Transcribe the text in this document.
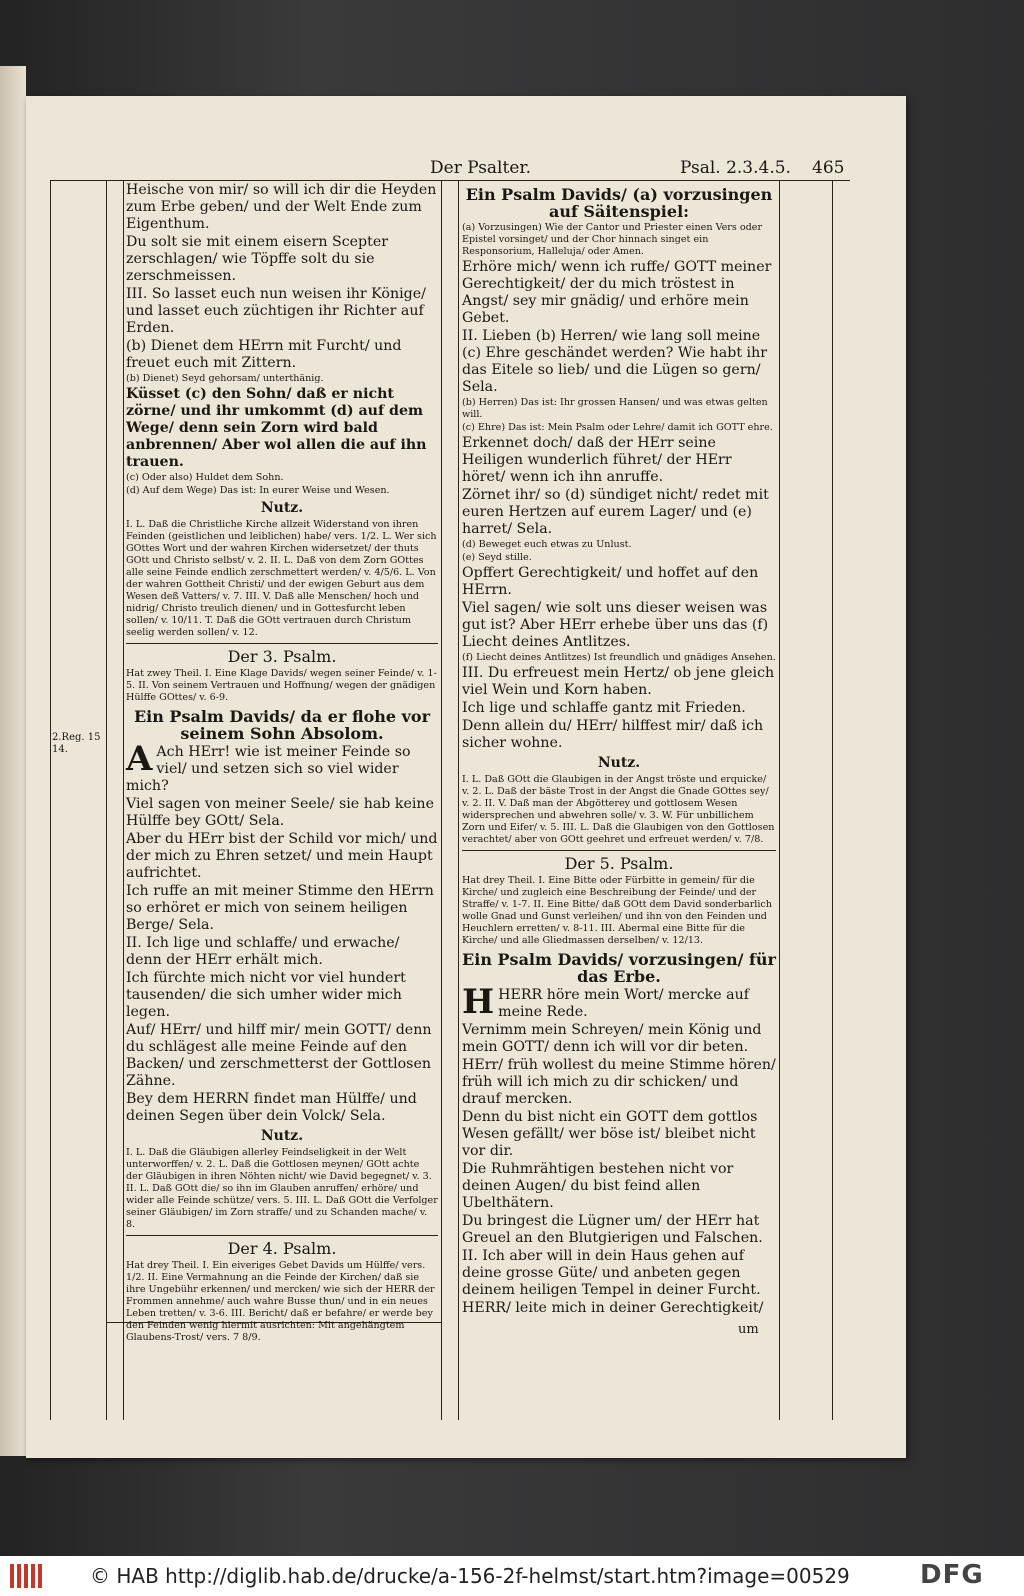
Der Psalter.	Psal. 2.3.4.5. 465
2.Reg. 15 14.

Heische von mir/ so will ich dir die Heyden zum Erbe geben/ und der Welt Ende zum Eigenthum.

Du solt sie mit einem eisern Scepter zerschlagen/ wie Töpffe solt du sie zerschmeissen.

III. So lasset euch nun weisen ihr Könige/ und lasset euch züchtigen ihr Richter auf Erden.

(b) Dienet dem HErrn mit Furcht/ und freuet euch mit Zittern.

(b) Dienet) Seyd gehorsam/ unterthänig.

Küsset (c) den Sohn/ daß er nicht zörne/ und ihr umkommt (d) auf dem Wege/ denn sein Zorn wird bald anbrennen/ Aber wol allen die auf ihn trauen.

(c) Oder also) Huldet dem Sohn.

(d) Auf dem Wege) Das ist: In eurer Weise und Wesen.

Nutz.

I. L. Daß die Christliche Kirche allzeit Widerstand von ihren Feinden (geistlichen und leiblichen) habe/ vers. 1/2. L. Wer sich GOttes Wort und der wahren Kirchen widersetzet/ der thuts GOtt und Christo selbst/ v. 2. II. L. Daß von dem Zorn GOttes alle seine Feinde endlich zerschmettert werden/ v. 4/5/6. L. Von der wahren Gottheit Christi/ und der ewigen Geburt aus dem Wesen deß Vatters/ v. 7. III. V. Daß alle Menschen/ hoch und nidrig/ Christo treulich dienen/ und in Gottesfurcht leben sollen/ v. 10/11. T. Daß die GOtt vertrauen durch Christum seelig werden sollen/ v. 12.

Der 3. Psalm.

Hat zwey Theil. I. Eine Klage Davids/ wegen seiner Feinde/ v. 1-5. II. Von seinem Vertrauen und Hoffnung/ wegen der gnädigen Hülffe GOttes/ v. 6-9.

Ein Psalm Davids/ da er flohe vor seinem Sohn Absolom.

A Ach HErr! wie ist meiner Feinde so viel/ und setzen sich so viel wider mich?

Viel sagen von meiner Seele/ sie hab keine Hülffe bey GOtt/ Sela.

Aber du HErr bist der Schild vor mich/ und der mich zu Ehren setzet/ und mein Haupt aufrichtet.

Ich ruffe an mit meiner Stimme den HErrn so erhöret er mich von seinem heiligen Berge/ Sela.

II. Ich lige und schlaffe/ und erwache/ denn der HErr erhält mich.

Ich fürchte mich nicht vor viel hundert tausenden/ die sich umher wider mich legen.

Auf/ HErr/ und hilff mir/ mein GOTT/ denn du schlägest alle meine Feinde auf den Backen/ und zerschmetterst der Gottlosen Zähne.

Bey dem HERRN findet man Hülffe/ und deinen Segen über dein Volck/ Sela.

Nutz.

I. L. Daß die Gläubigen allerley Feindseligkeit in der Welt unterworffen/ v. 2. L. Daß die Gottlosen meynen/ GOtt achte der Gläubigen in ihren Nöhten nicht/ wie David begegnet/ v. 3. II. L. Daß GOtt die/ so ihn im Glauben anruffen/ erhöre/ und wider alle Feinde schütze/ vers. 5. III. L. Daß GOtt die Verfolger seiner Gläubigen/ im Zorn straffe/ und zu Schanden mache/ v. 8.

Der 4. Psalm.

Hat drey Theil. I. Ein eiveriges Gebet Davids um Hülffe/ vers. 1/2. II. Eine Vermahnung an die Feinde der Kirchen/ daß sie ihre Ungebühr erkennen/ und mercken/ wie sich der HERR der Frommen annehme/ auch wahre Busse thun/ und in ein neues Leben tretten/ v. 3-6. III. Bericht/ daß er befahre/ er werde bey den Feinden wenig hiermit ausrichten: Mit angehängtem Glaubens-Trost/ vers. 7 8/9.

Ein Psalm Davids/ (a) vorzusingen auf Säitenspiel:

(a) Vorzusingen) Wie der Cantor und Priester einen Vers oder Epistel vorsinget/ und der Chor hinnach singet ein Responsorium, Halleluja/ oder Amen.

Erhöre mich/ wenn ich ruffe/ GOTT meiner Gerechtigkeit/ der du mich tröstest in Angst/ sey mir gnädig/ und erhöre mein Gebet.

II. Lieben (b) Herren/ wie lang soll meine (c) Ehre geschändet werden? Wie habt ihr das Eitele so lieb/ und die Lügen so gern/ Sela.

(b) Herren) Das ist: Ihr grossen Hansen/ und was etwas gelten will.

(c) Ehre) Das ist: Mein Psalm oder Lehre/ damit ich GOTT ehre.

Erkennet doch/ daß der HErr seine Heiligen wunderlich führet/ der HErr höret/ wenn ich ihn anruffe.

Zörnet ihr/ so (d) sündiget nicht/ redet mit euren Hertzen auf eurem Lager/ und (e) harret/ Sela.

(d) Beweget euch etwas zu Unlust.

(e) Seyd stille.

Opffert Gerechtigkeit/ und hoffet auf den HErrn.

Viel sagen/ wie solt uns dieser weisen was gut ist? Aber HErr erhebe über uns das (f) Liecht deines Antlitzes.

(f) Liecht deines Antlitzes) Ist freundlich und gnädiges Ansehen.

III. Du erfreuest mein Hertz/ ob jene gleich viel Wein und Korn haben.

Ich lige und schlaffe gantz mit Frieden.

Denn allein du/ HErr/ hilffest mir/ daß ich sicher wohne.

Nutz.

I. L. Daß GOtt die Glaubigen in der Angst tröste und erquicke/ v. 2. L. Daß der bäste Trost in der Angst die Gnade GOttes sey/ v. 2. II. V. Daß man der Abgötterey und gottlosem Wesen widersprechen und abwehren solle/ v. 3. W. Für unbillichem Zorn und Eifer/ v. 5. III. L. Daß die Glaubigen von den Gottlosen verachtet/ aber von GOtt geehret und erfreuet werden/ v. 7/8.

Der 5. Psalm.

Hat drey Theil. I. Eine Bitte oder Fürbitte in gemein/ für die Kirche/ und zugleich eine Beschreibung der Feinde/ und der Straffe/ v. 1-7. II. Eine Bitte/ daß GOtt dem David sonderbarlich wolle Gnad und Gunst verleihen/ und ihn von den Feinden und Heuchlern erretten/ v. 8-11. III. Abermal eine Bitte für die Kirche/ und alle Gliedmassen derselben/ v. 12/13.

Ein Psalm Davids/ vorzusingen/ für das Erbe.

HHERR höre mein Wort/ mercke auf meine Rede.

Vernimm mein Schreyen/ mein König und mein GOTT/ denn ich will vor dir beten.

HErr/ früh wollest du meine Stimme hören/ früh will ich mich zu dir schicken/ und drauf mercken.

Denn du bist nicht ein GOTT dem gottlos Wesen gefällt/ wer böse ist/ bleibet nicht vor dir.

Die Ruhmrähtigen bestehen nicht vor deinen Augen/ du bist feind allen Ubelthätern.

Du bringest die Lügner um/ der HErr hat Greuel an den Blutgierigen und Falschen.

II. Ich aber will in dein Haus gehen auf deine grosse Güte/ und anbeten gegen deinem heiligen Tempel in deiner Furcht.

HERR/ leite mich in deiner Gerechtigkeit/

um
© HAB http://diglib.hab.de/drucke/a-156-2f-helmst/start.htm?image=00529	DFG
